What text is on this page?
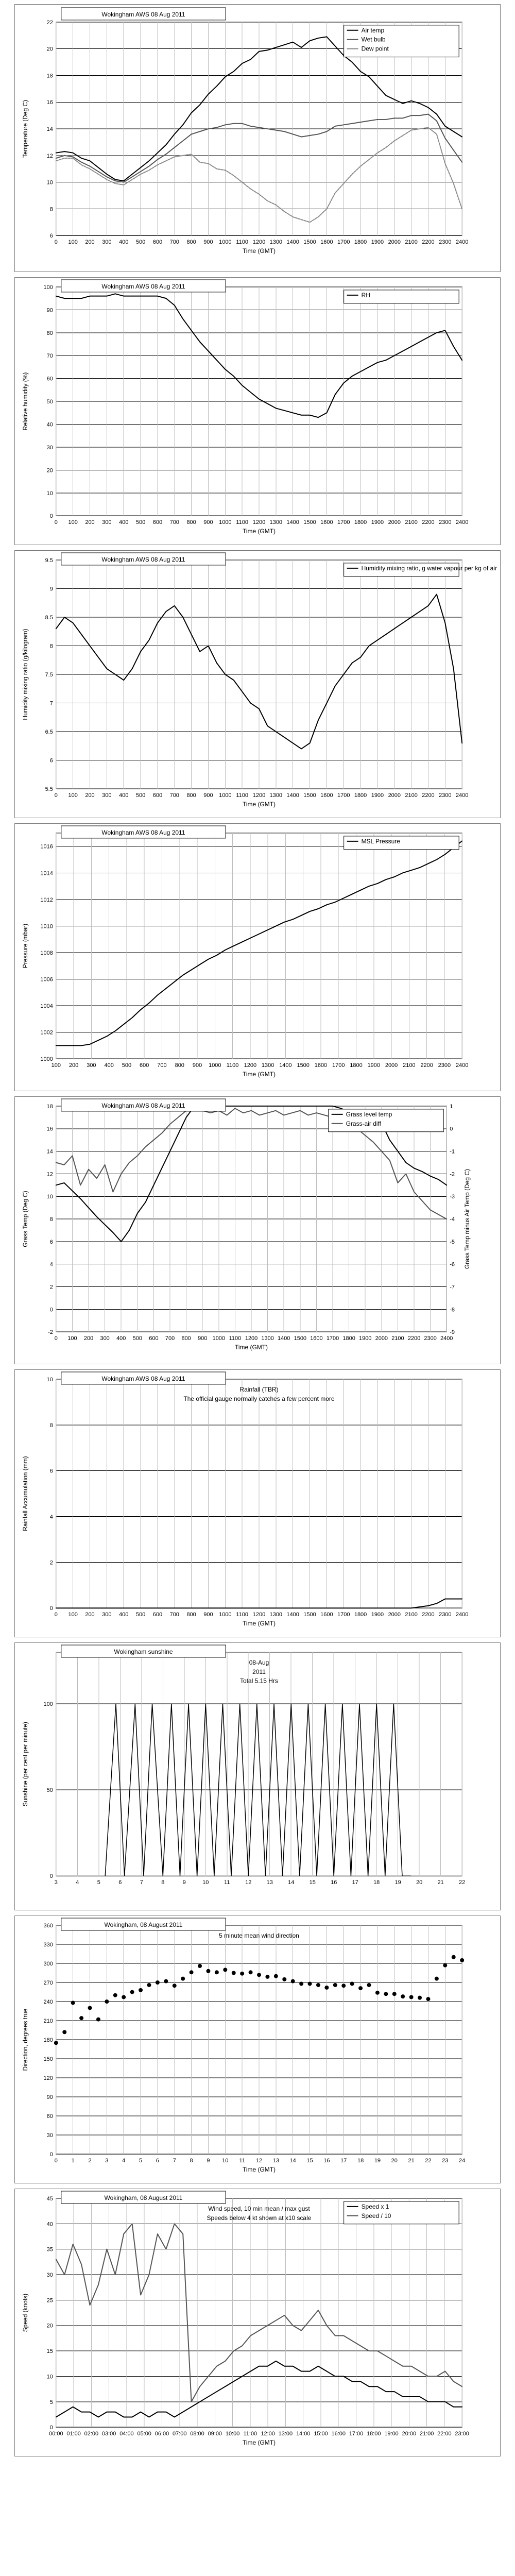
6
8
10
12
14
16
18
20
22
0 100 200 300 400 500 600 700 800 900 1000 1100 1200 1300 1400 1500 1600 1700 1800 1900 2000 2100 2200 2300 2400
Time (GMT)
Temperature (Deg C)
Wokingham AWS 08 Aug 2011
Air temp
Wet bulb
Dew point
0
10
20
30
40
50
60
70
80
90
100
0 100 200 300 400 500 600 700 800 900 1000 1100 1200 1300 1400 1500 1600 1700 1800 1900 2000 2100 2200 2300 2400
Time (GMT)
Relative humidity (%)
Wokingham AWS 08 Aug 2011
RH
5.5
6
6.5
7
7.5
8
8.5
9
9.5
0 100 200 300 400 500 600 700 800 900 1000 1100 1200 1300 1400 1500 1600 1700 1800 1900 2000 2100 2200 2300 2400
Time (GMT)
Humidity mixing ratio (g/kilogram)
Wokingham AWS 08 Aug 2011
Humidity mixing ratio, g water vapour per kg of air
1000
1002
1004
1006
1008
1010
1012
1014
1016
100 200 300 400 500 600 700 800 900 1000 1100 1200 1300 1400 1500 1600 1700 1800 1900 2000 2100 2200 2300 2400
Time (GMT)
Pressure (mbar)
Wokingham AWS 08 Aug 2011
MSL Pressure
-2
0
2
4
6
8
10
12
14
16
18
-9
-8
-7
-6
-5
-4
-3
-2
-1
0
1
0 100 200 300 400 500 600 700 800 900 1000 1100 1200 1300 1400 1500 1600 1700 1800 1900 2000 2100 2200 2300 2400
Time (GMT)
Grass Temp (Deg C)	Grass Temp minus Air Temp (Deg C)
Wokingham AWS 08 Aug 2011
Grass level temp
Grass-air diff
0
2
4
6
8
10
0 100 200 300 400 500 600 700 800 900 1000 1100 1200 1300 1400 1500 1600 1700 1800 1900 2000 2100 2200 2300 2400
Time (GMT)
Rainfall Accumulation (mm)
Wokingham AWS 08 Aug 2011
Rainfall (TBR)
The official gauge normally catches a few percent more
0
50
100
3	4	5	6	7	8	9	10	11	12	13	14	15	16	17	18	19	20	21	22
Sunshine (per cent per minute)
Wokingham sunshine
08-Aug
2011
Total 5.15 Hrs
0
30
60
90
120
150
180
210
240
270
300
330
360
0 1 2 3 4 5 6 7 8 9 10 11 12 13 14 15 16 17 18 19 20 21 22 23 24
Time (GMT)
Direction, degrees true
Wokingham, 08 August 2011
5 minute mean wind direction
0
5
10
15
20
25
30
35
40
45
00:00 01:00 02:00 03:00 04:00 05:00 06:00 07:00 08:00 09:00 10:00 11:00 12:00 13:00 14:00 15:00 16:00 17:00 18:00 19:00 20:00 21:00 22:00 23:00
Time (GMT)
Speed (knots)
Wokingham, 08 August 2011
Wind speed, 10 min mean / max gust
Speeds below 4 kt shown at x10 scale
Speed x 1
Speed / 10
